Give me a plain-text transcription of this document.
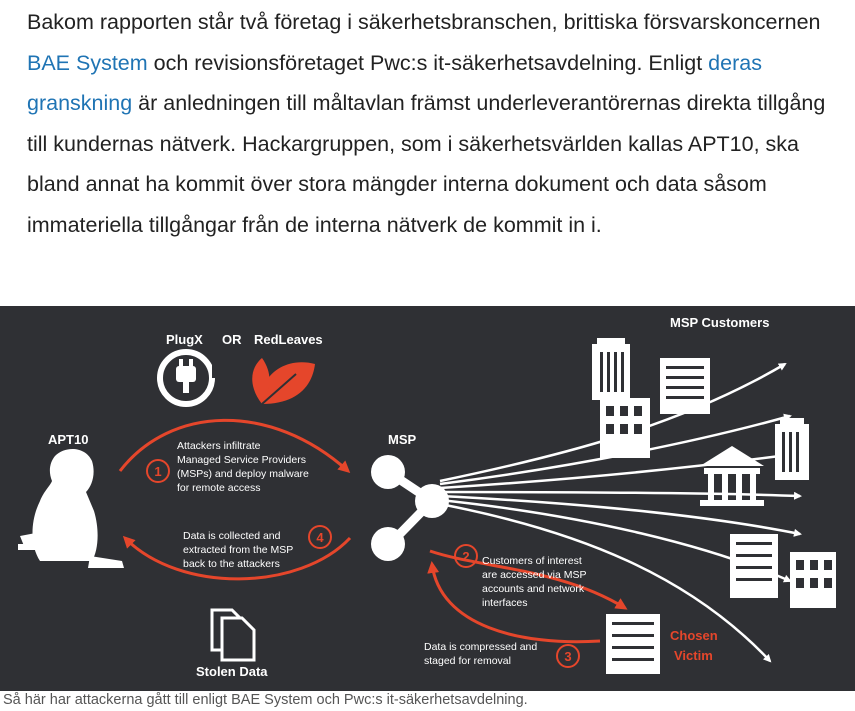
Bakom rapporten står två företag i säkerhetsbranschen, brittiska försvarskoncernen BAE System och revisionsföretaget Pwc:s it-säkerhetsavdelning. Enligt deras granskning är anledningen till måltavlan främst underleverantörernas direkta tillgång till kundernas nätverk. Hackargruppen, som i säkerhetsvärlden kallas APT10, ska bland annat ha kommit över stora mängder interna dokument och data såsom immateriella tillgångar från de interna nätverk de kommit in i.

PlugX OR RedLeaves
APT10	MSP
MSP Customers
Chosen
Victim
Stolen Data
1
2
3
4
Attackers infiltrate
Managed Service Providers
(MSPs) and deploy malware
for remote access
Data is collected and
extracted from the MSP
back to the attackers	Customers of interest
are accessed via MSP
accounts and network
interfaces
Data is compressed and
staged for removal
Så här har attackerna gått till enligt BAE System och Pwc:s it-säkerhetsavdelning.
